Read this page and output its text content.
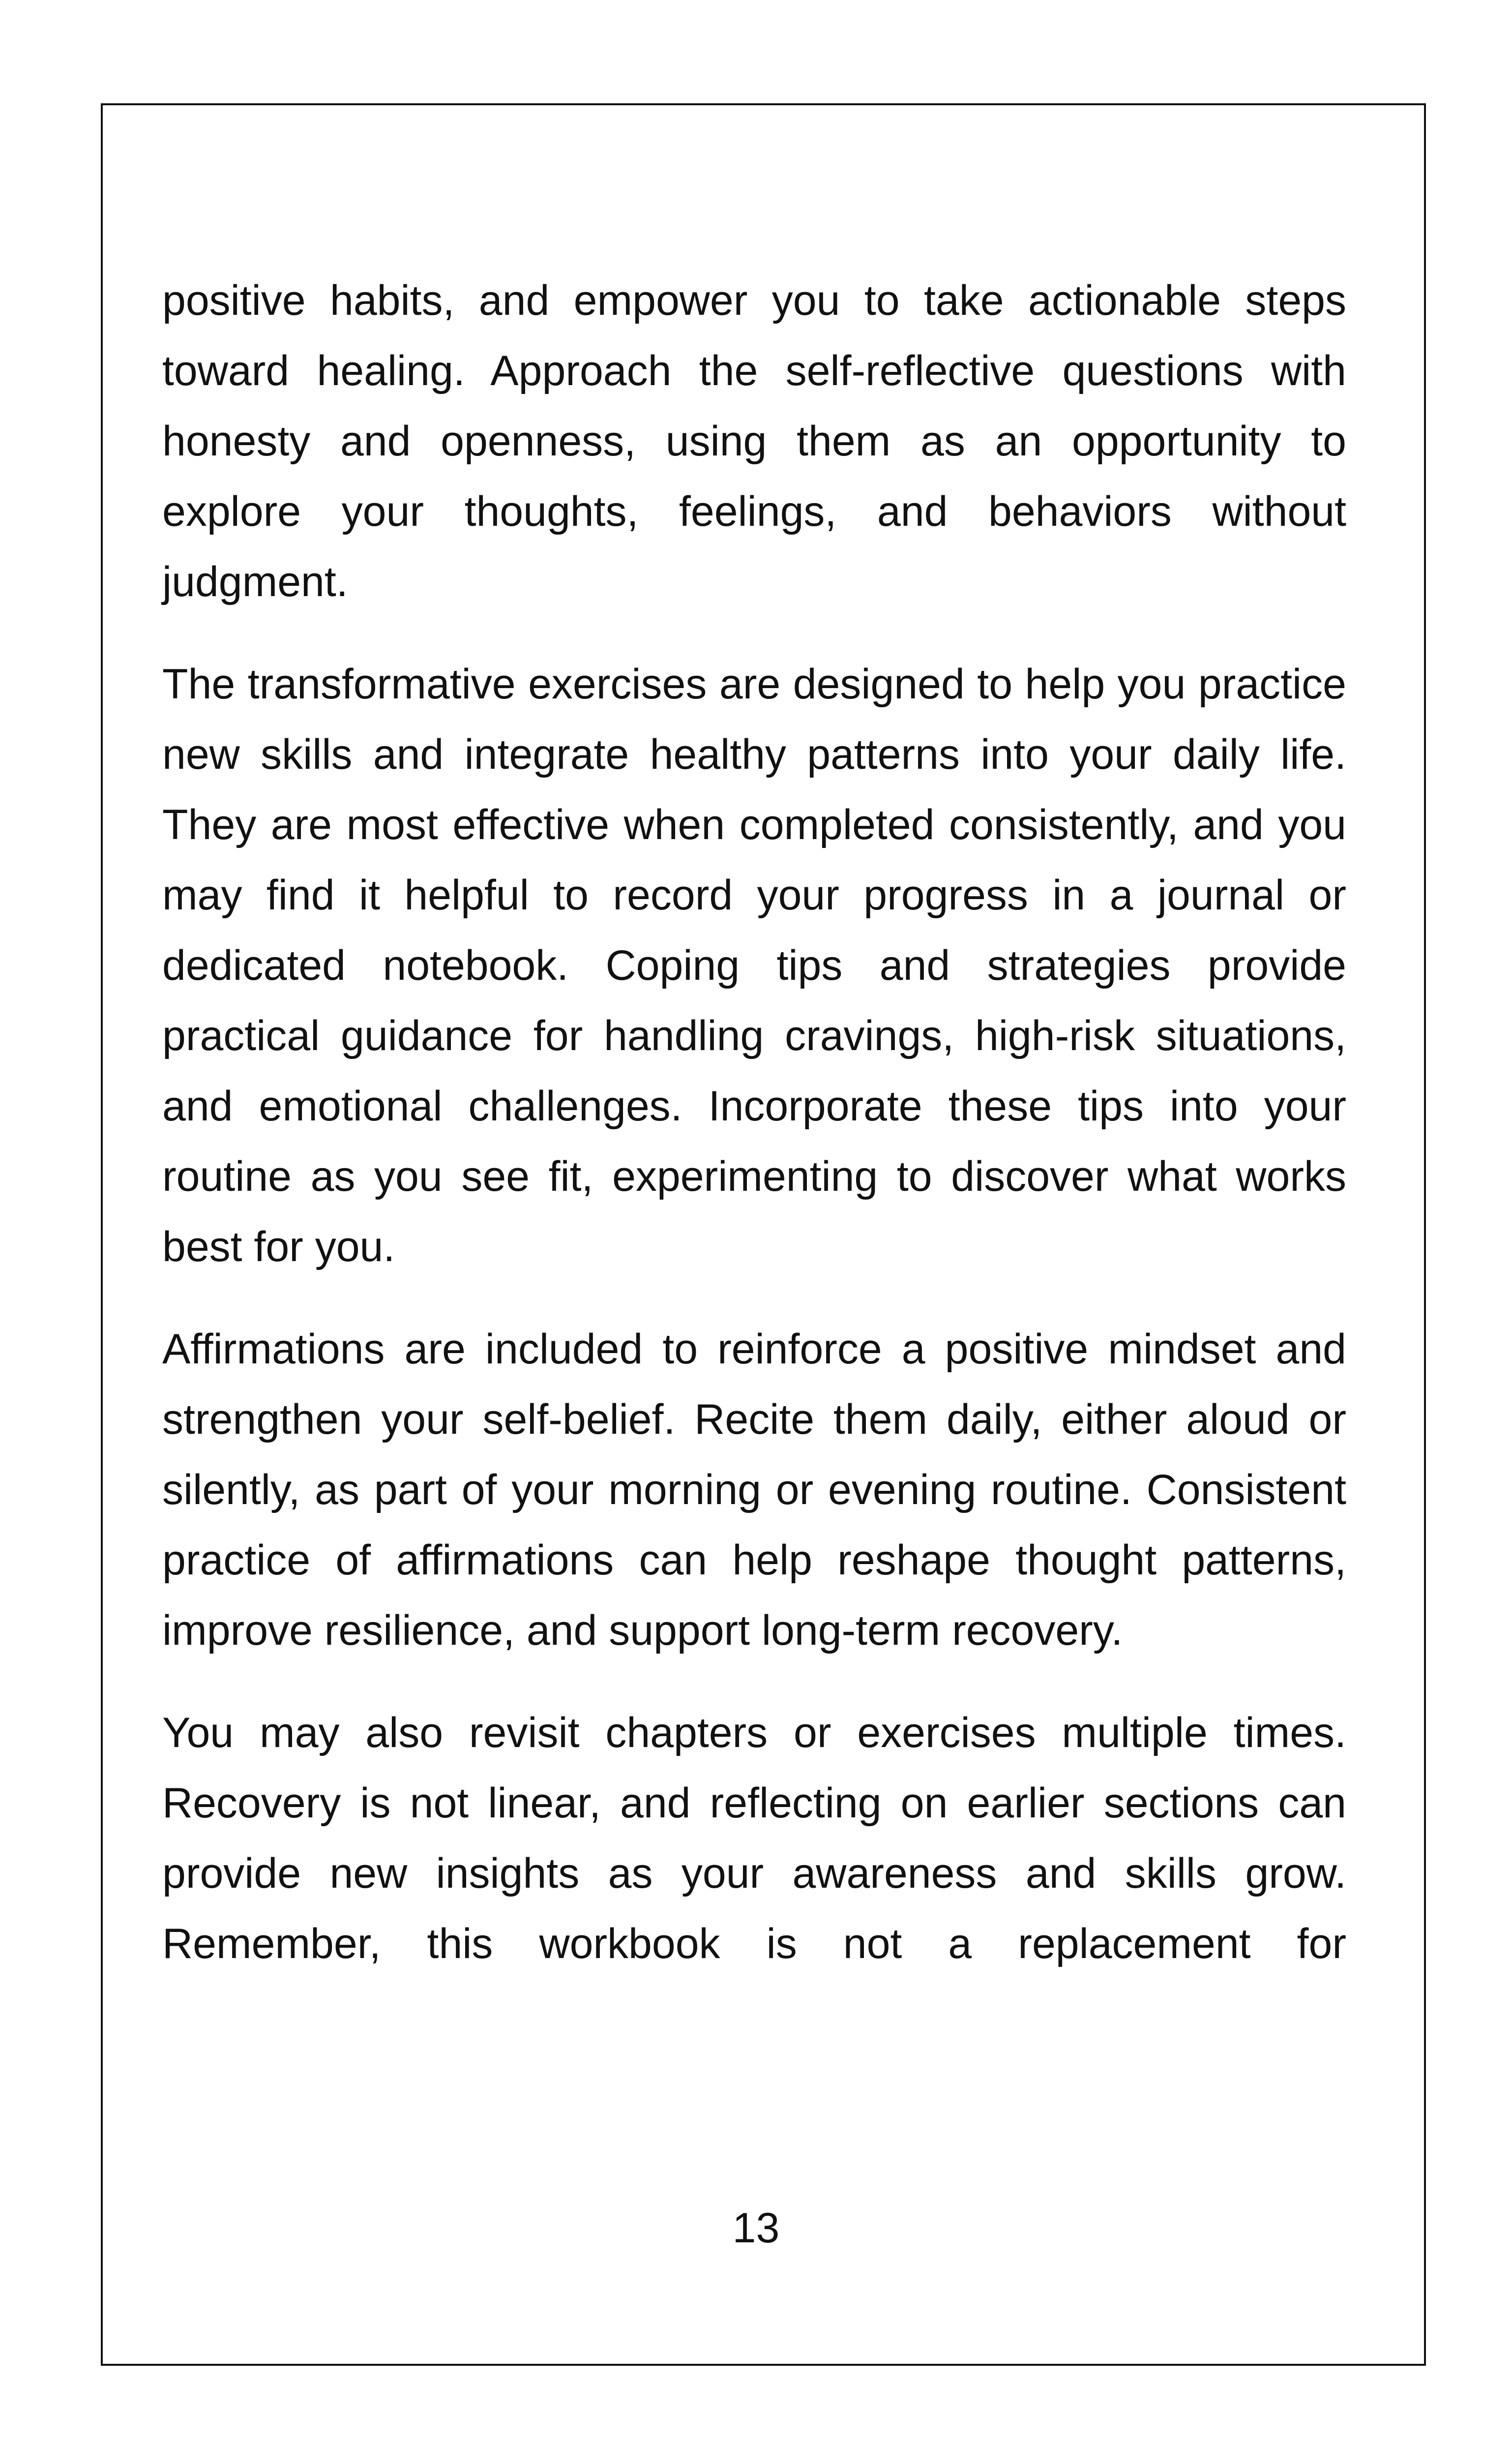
positive habits, and empower you to take actionable steps toward healing. Approach the self-reflective questions with honesty and openness, using them as an opportunity to explore your thoughts, feelings, and behaviors without judgment.

The transformative exercises are designed to help you practice new skills and integrate healthy patterns into your daily life. They are most effective when completed consistently, and you may find it helpful to record your progress in a journal or dedicated notebook. Coping tips and strategies provide practical guidance for handling cravings, high-risk situations, and emotional challenges. Incorporate these tips into your routine as you see fit, experimenting to discover what works best for you.

Affirmations are included to reinforce a positive mindset and strengthen your self-belief. Recite them daily, either aloud or silently, as part of your morning or evening routine. Consistent practice of affirmations can help reshape thought patterns, improve resilience, and support long-term recovery.

You may also revisit chapters or exercises multiple times. Recovery is not linear, and reflecting on earlier sections can provide new insights as your awareness and skills grow. Remember, this workbook is not a replacement for

13
